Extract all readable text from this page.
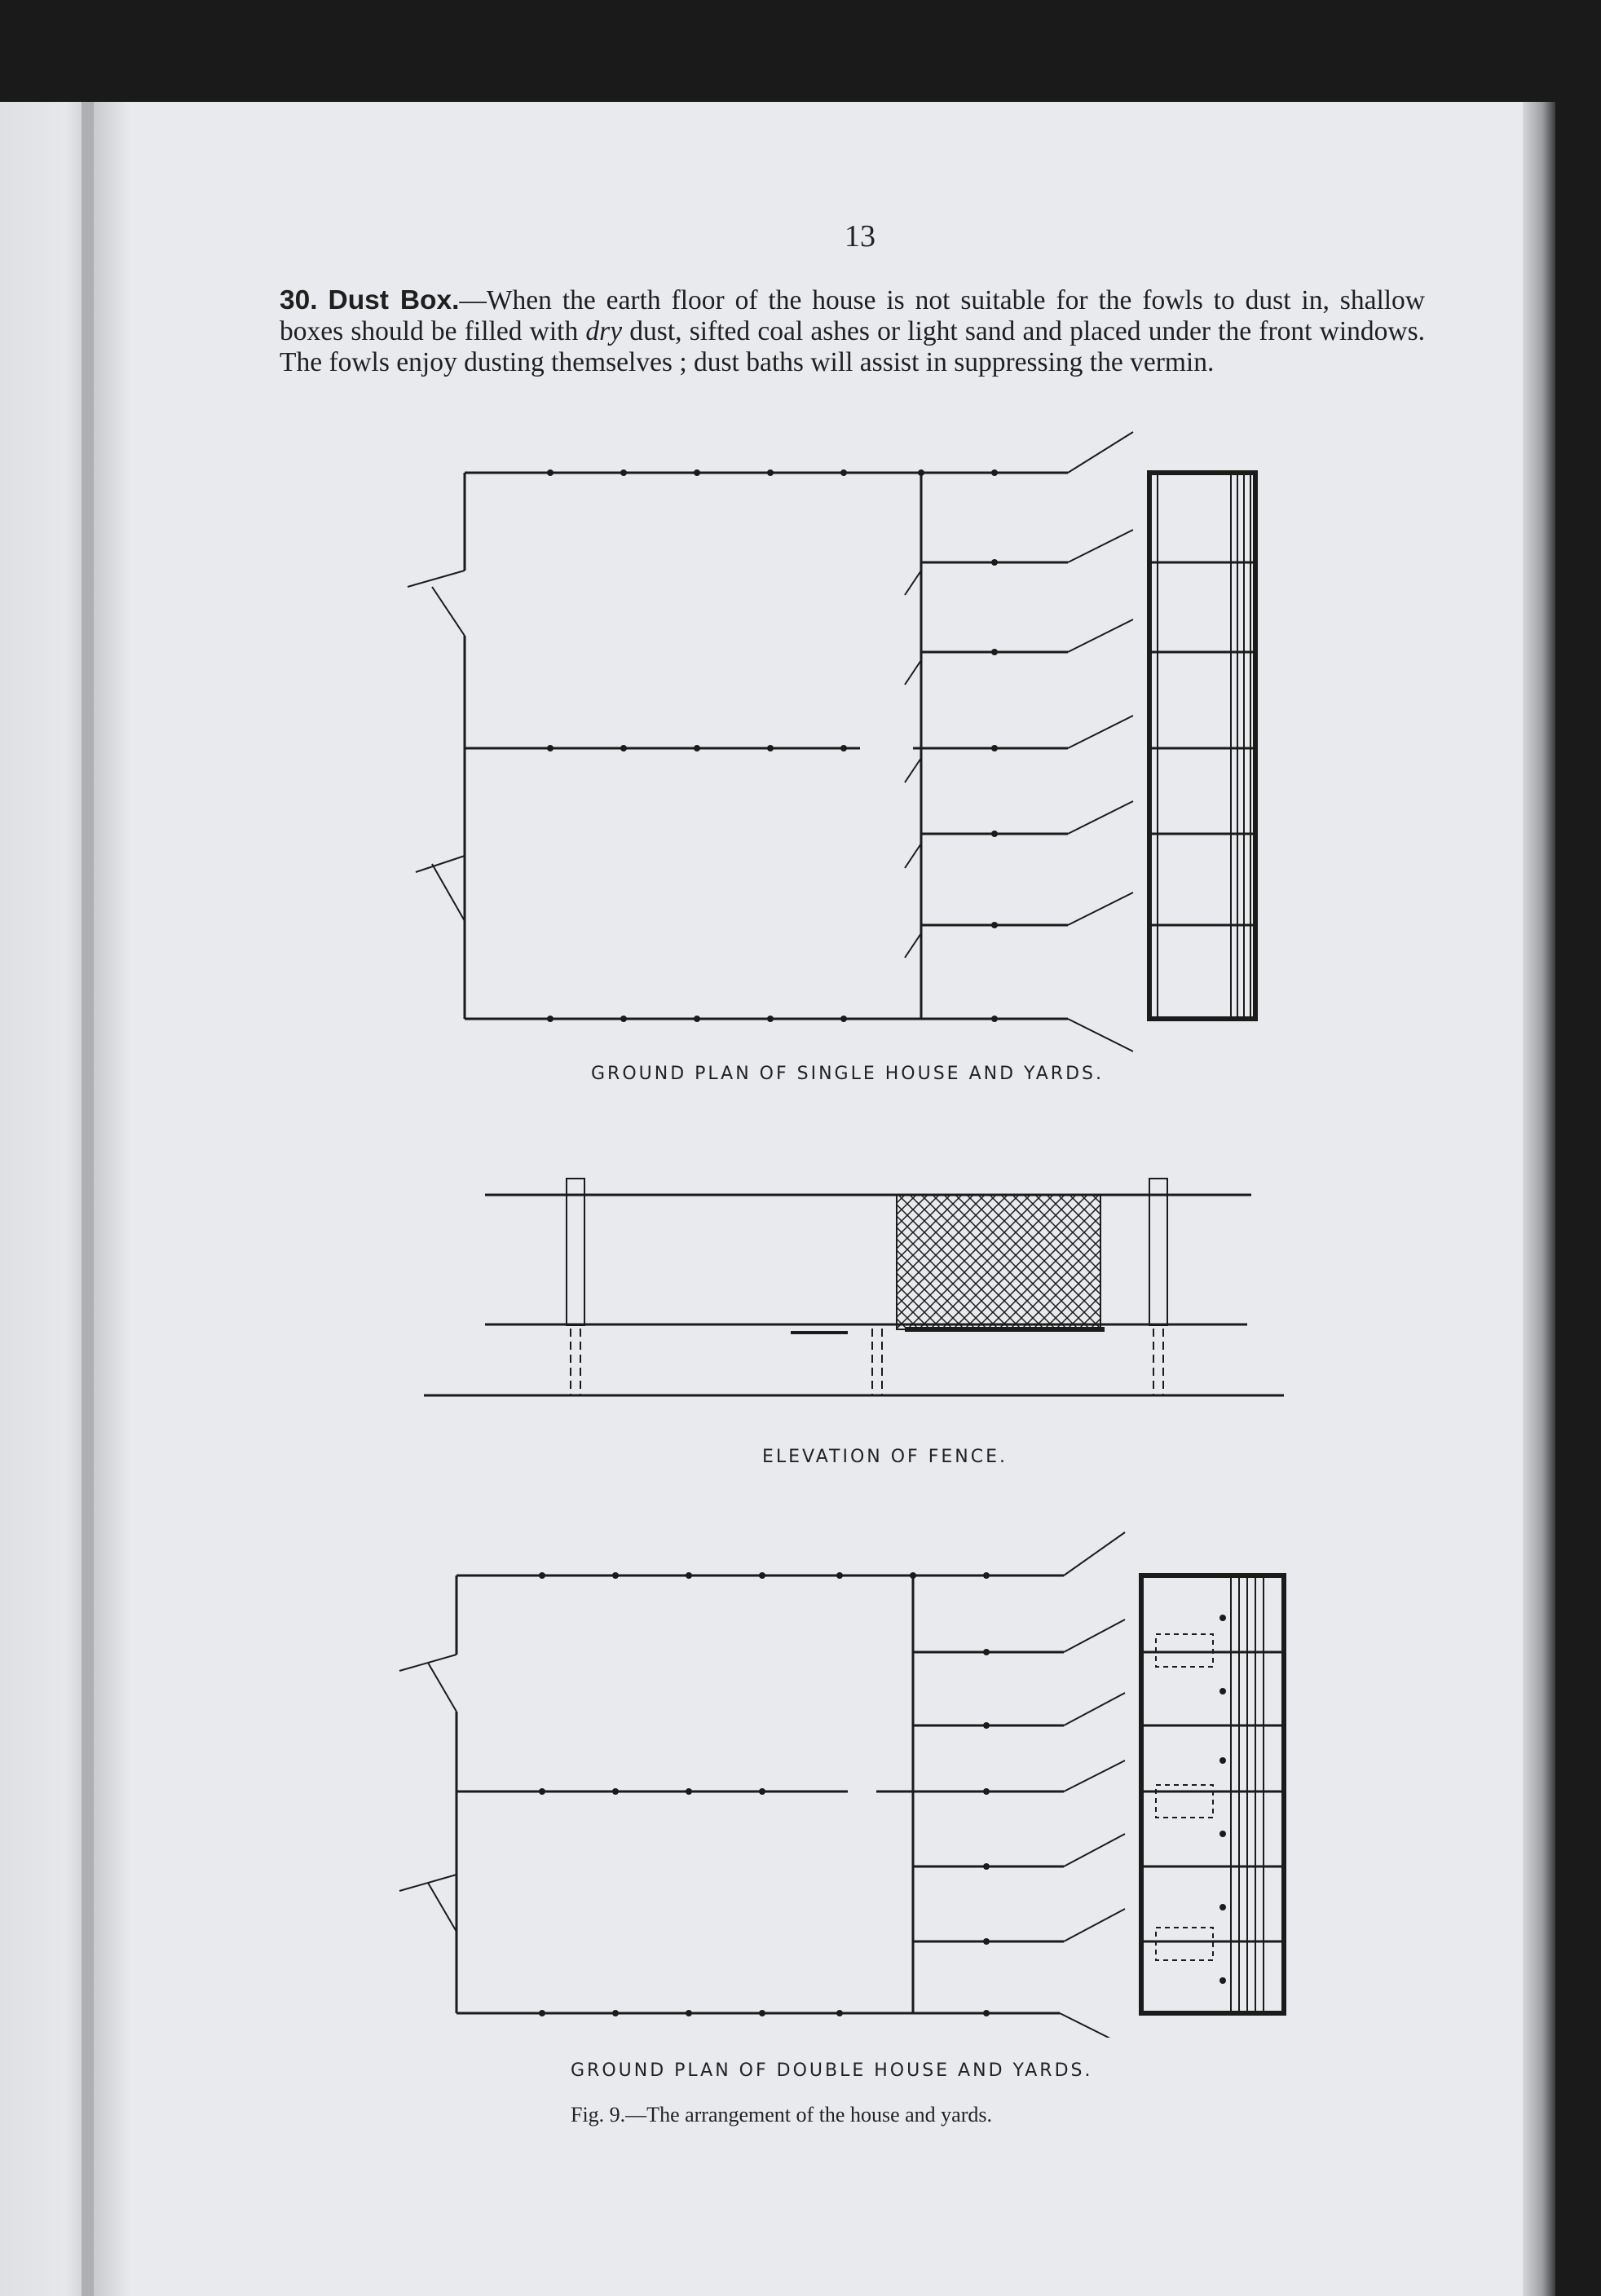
13
30. Dust Box.—When the earth floor of the house is not suitable for the fowls to dust in, shallow boxes should be filled with dry dust, sifted coal ashes or light sand and placed under the front windows. The fowls enjoy dusting themselves ; dust baths will assist in suppressing the vermin.
GROUND PLAN OF SINGLE HOUSE AND YARDS.
ELEVATION OF FENCE.
GROUND PLAN OF DOUBLE HOUSE AND YARDS.
Fig. 9.—The arrangement of the house and yards.
